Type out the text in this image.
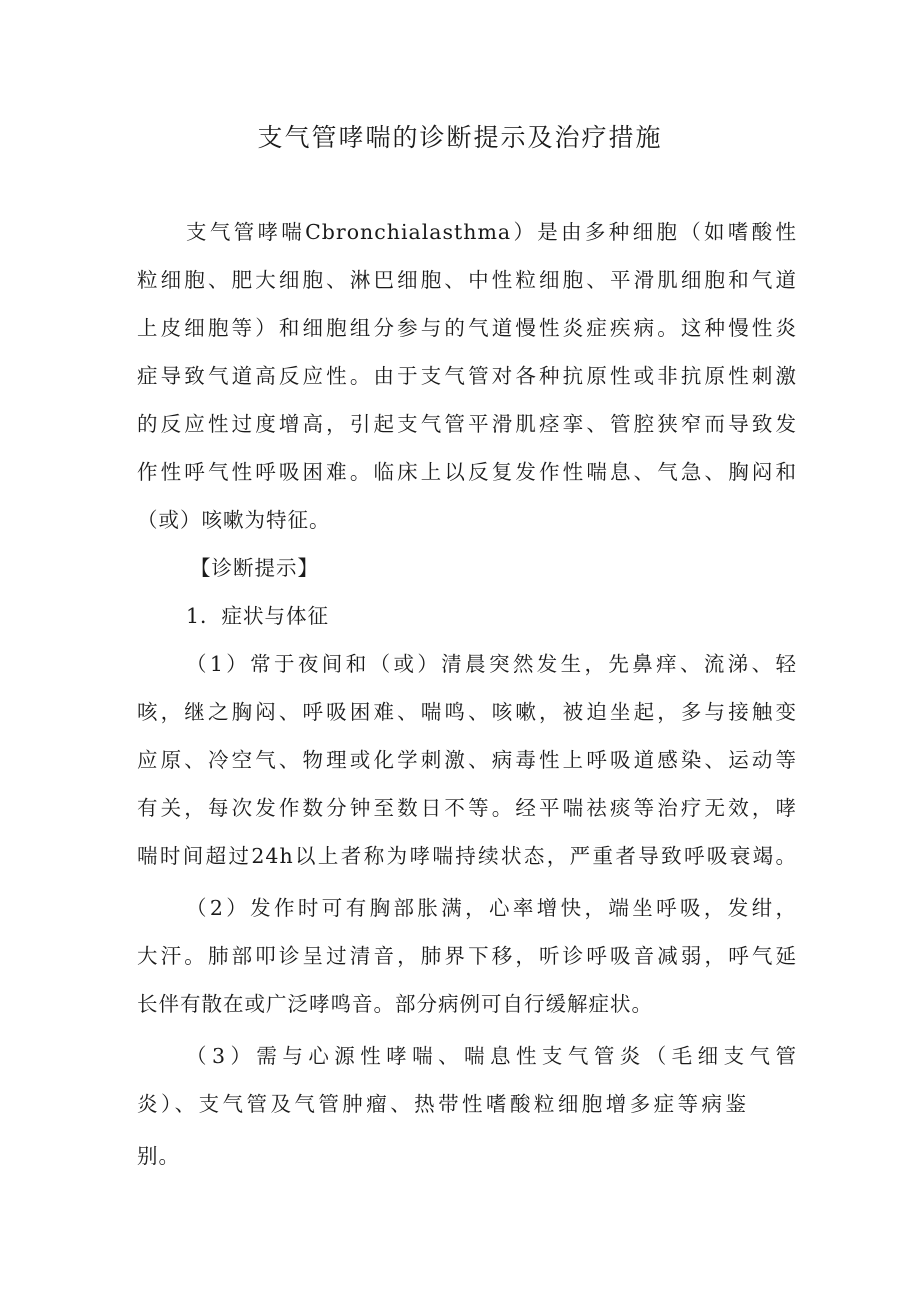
支气管哮喘的诊断提示及治疗措施
支气管哮喘Cbronchialasthma）是由多种细胞（如嗜酸性
粒细胞、肥大细胞、淋巴细胞、中性粒细胞、平滑肌细胞和气道
上皮细胞等）和细胞组分参与的气道慢性炎症疾病。这种慢性炎
症导致气道高反应性。由于支气管对各种抗原性或非抗原性刺激
的反应性过度增高，引起支气管平滑肌痉挛、管腔狭窄而导致发
作性呼气性呼吸困难。临床上以反复发作性喘息、气急、胸闷和
（或）咳嗽为特征。
【诊断提示】
1．症状与体征
（1）常于夜间和（或）清晨突然发生，先鼻痒、流涕、轻
咳，继之胸闷、呼吸困难、喘鸣、咳嗽，被迫坐起，多与接触变
应原、冷空气、物理或化学刺激、病毒性上呼吸道感染、运动等
有关，每次发作数分钟至数日不等。经平喘祛痰等治疗无效，哮
喘时间超过24h以上者称为哮喘持续状态，严重者导致呼吸衰竭。
（2）发作时可有胸部胀满，心率增快，端坐呼吸，发绀，
大汗。肺部叩诊呈过清音，肺界下移，听诊呼吸音减弱，呼气延
长伴有散在或广泛哮鸣音。部分病例可自行缓解症状。
（3）需与心源性哮喘、喘息性支气管炎（毛细支气管
炎）、支气管及气管肿瘤、热带性嗜酸粒细胞增多症等病鉴
别。
